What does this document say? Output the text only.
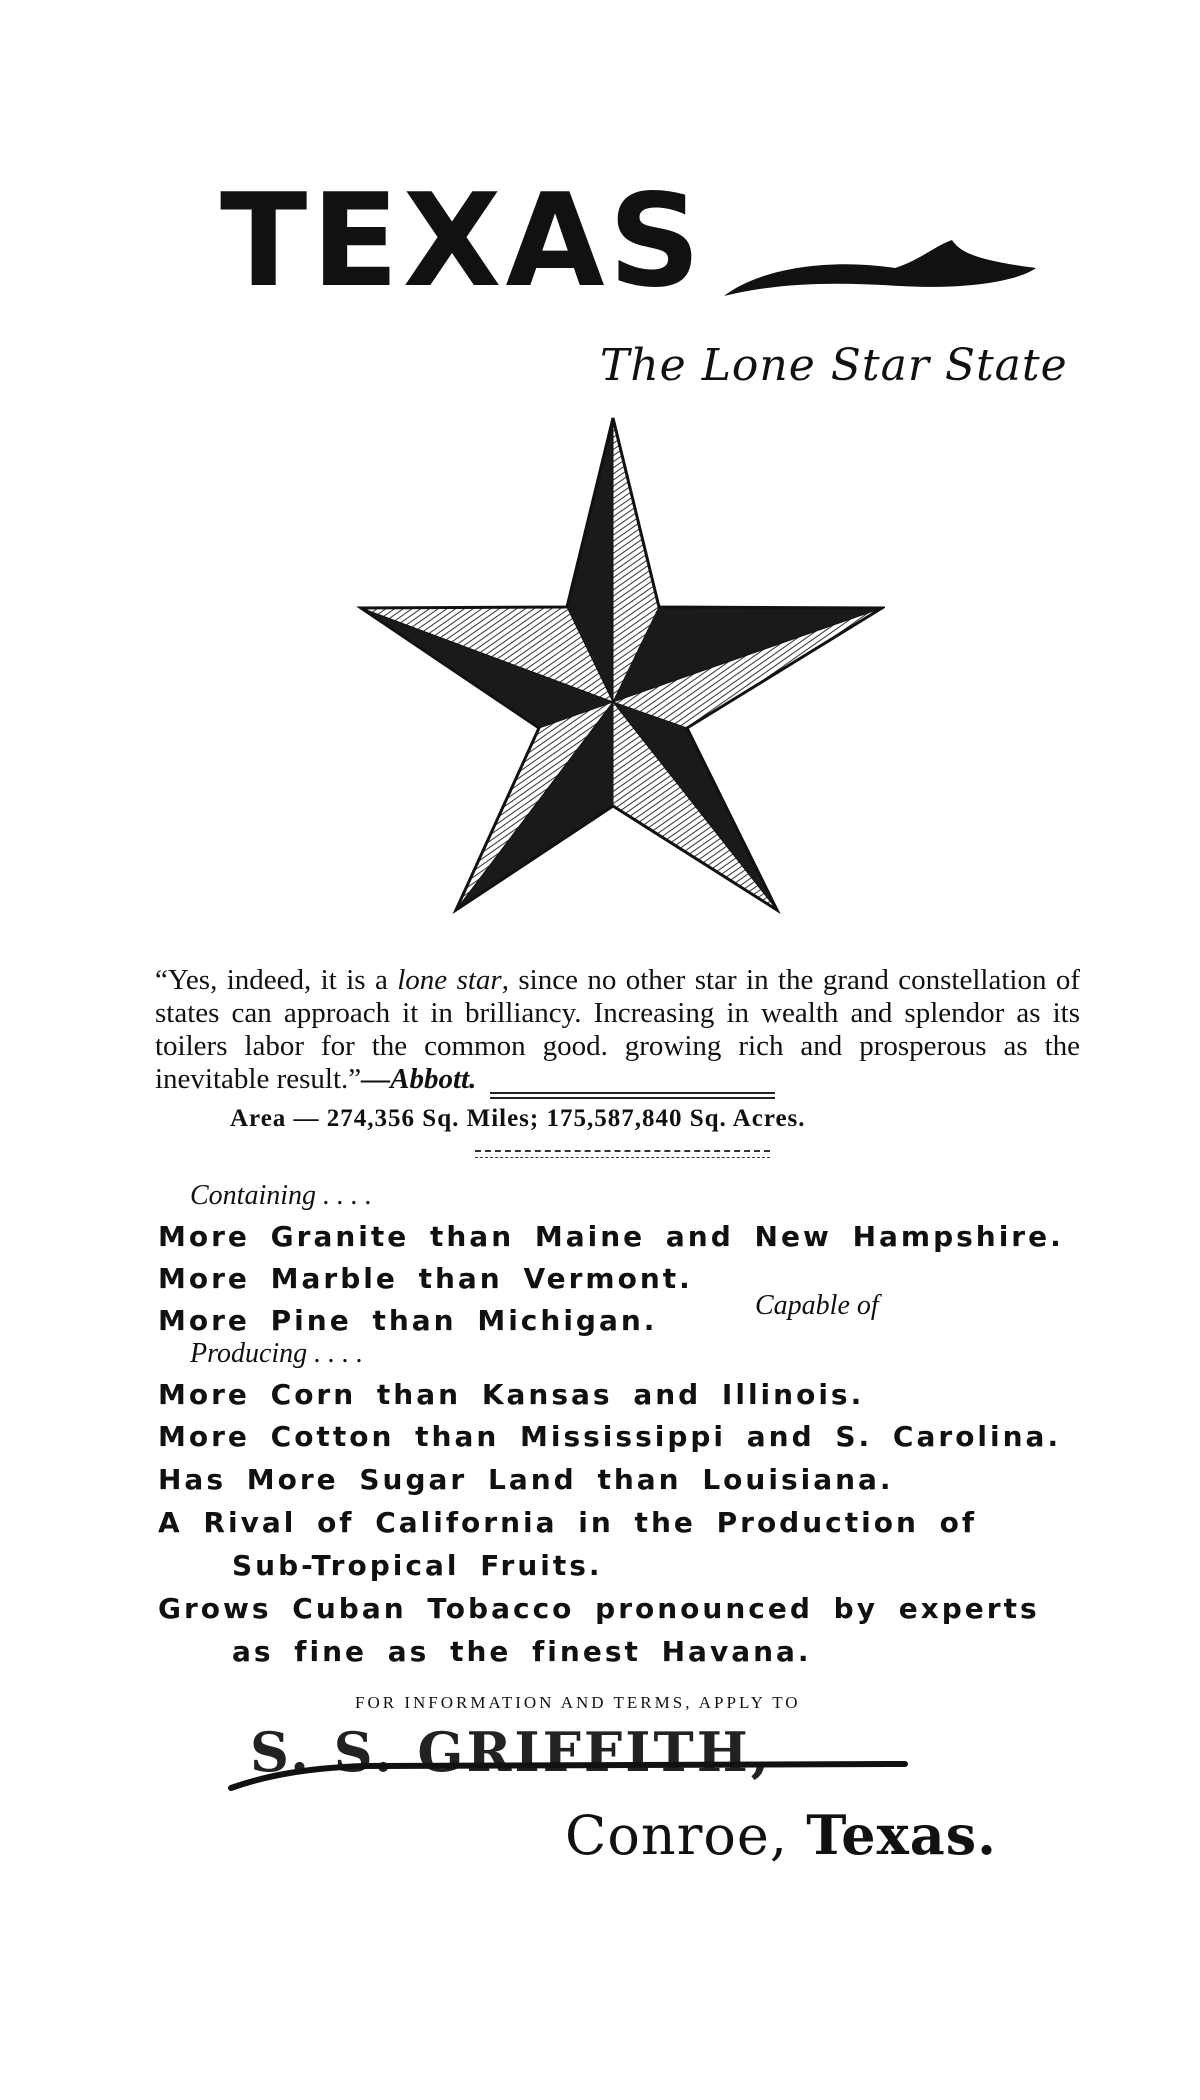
TEXAS
The Lone Star State

“Yes, indeed, it is a lone star, since no other star in the grand constellation of states can approach it in brilliancy. Increasing in wealth and splendor as its toilers labor for the common good. growing rich and prosperous as the inevitable result.”—Abbott.

Area — 274,356 Sq. Miles; 175,587,840 Sq. Acres.
Containing . . . .
More Granite than Maine and New Hampshire.
More Marble than Vermont.
More Pine than Michigan.	Capable of
Producing . . . .
More Corn than Kansas and Illinois.
More Cotton than Mississippi and S. Carolina.
Has More Sugar Land than Louisiana.
A Rival of California in the Production of
Sub-Tropical Fruits.
Grows Cuban Tobacco pronounced by experts
as fine as the finest Havana.
FOR INFORMATION AND TERMS, APPLY TO
S. S. GRIFFITH,
Conroe, Texas.
